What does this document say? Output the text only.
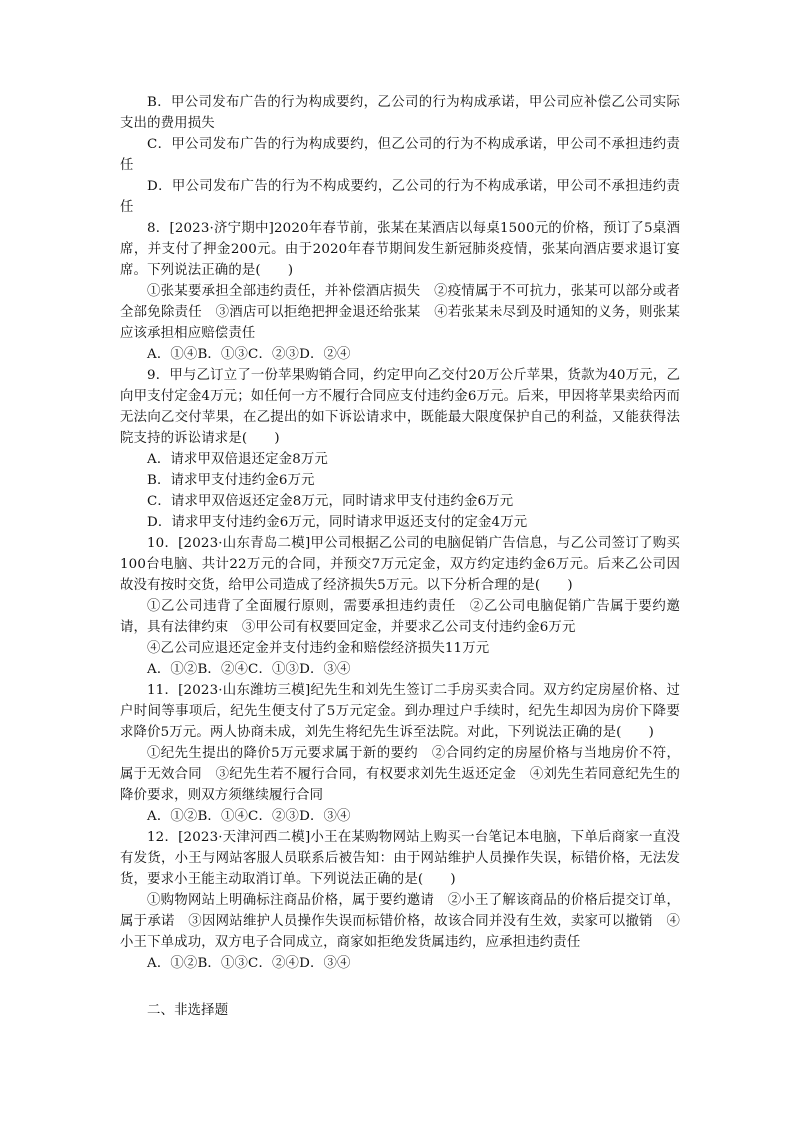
B．甲公司发布广告的行为构成要约，乙公司的行为构成承诺，甲公司应补偿乙公司实际支出的费用损失

C．甲公司发布广告的行为构成要约，但乙公司的行为不构成承诺，甲公司不承担违约责任

D．甲公司发布广告的行为不构成要约，乙公司的行为不构成承诺，甲公司不承担违约责任

8．[2023·济宁期中]2020年春节前，张某在某酒店以每桌1500元的价格，预订了5桌酒席，并支付了押金200元。由于2020年春节期间发生新冠肺炎疫情，张某向酒店要求退订宴席。下列说法正确的是(　　)

①张某要承担全部违约责任，并补偿酒店损失　②疫情属于不可抗力，张某可以部分或者全部免除责任　③酒店可以拒绝把押金退还给张某　④若张某未尽到及时通知的义务，则张某应该承担相应赔偿责任

A．①④B．①③C．②③D．②④

9．甲与乙订立了一份苹果购销合同，约定甲向乙交付20万公斤苹果，货款为40万元，乙向甲支付定金4万元；如任何一方不履行合同应支付违约金6万元。后来，甲因将苹果卖给丙而无法向乙交付苹果，在乙提出的如下诉讼请求中，既能最大限度保护自己的利益，又能获得法院支持的诉讼请求是(　　)

A．请求甲双倍退还定金8万元

B．请求甲支付违约金6万元

C．请求甲双倍返还定金8万元，同时请求甲支付违约金6万元

D．请求甲支付违约金6万元，同时请求甲返还支付的定金4万元

10．[2023·山东青岛二模]甲公司根据乙公司的电脑促销广告信息，与乙公司签订了购买100台电脑、共计22万元的合同，并预交7万元定金，双方约定违约金6万元。后来乙公司因故没有按时交货，给甲公司造成了经济损失5万元。以下分析合理的是(　　)

①乙公司违背了全面履行原则，需要承担违约责任　②乙公司电脑促销广告属于要约邀请，具有法律约束　③甲公司有权要回定金，并要求乙公司支付违约金6万元

④乙公司应退还定金并支付违约金和赔偿经济损失11万元

A．①②B．②④C．①③D．③④

11．[2023·山东潍坊三模]纪先生和刘先生签订二手房买卖合同。双方约定房屋价格、过户时间等事项后，纪先生便支付了5万元定金。到办理过户手续时，纪先生却因为房价下降要求降价5万元。两人协商未成，刘先生将纪先生诉至法院。对此，下列说法正确的是(　　)

①纪先生提出的降价5万元要求属于新的要约　②合同约定的房屋价格与当地房价不符，属于无效合同　③纪先生若不履行合同，有权要求刘先生返还定金　④刘先生若同意纪先生的降价要求，则双方须继续履行合同

A．①②B．①④C．②③D．③④

12．[2023·天津河西二模]小王在某购物网站上购买一台笔记本电脑，下单后商家一直没有发货，小王与网站客服人员联系后被告知：由于网站维护人员操作失误，标错价格，无法发货，要求小王能主动取消订单。下列说法正确的是(　　)

①购物网站上明确标注商品价格，属于要约邀请　②小王了解该商品的价格后提交订单，属于承诺　③因网站维护人员操作失误而标错价格，故该合同并没有生效，卖家可以撤销　④小王下单成功，双方电子合同成立，商家如拒绝发货属违约，应承担违约责任

A．①②B．①③C．②④D．③④

二、非选择题
